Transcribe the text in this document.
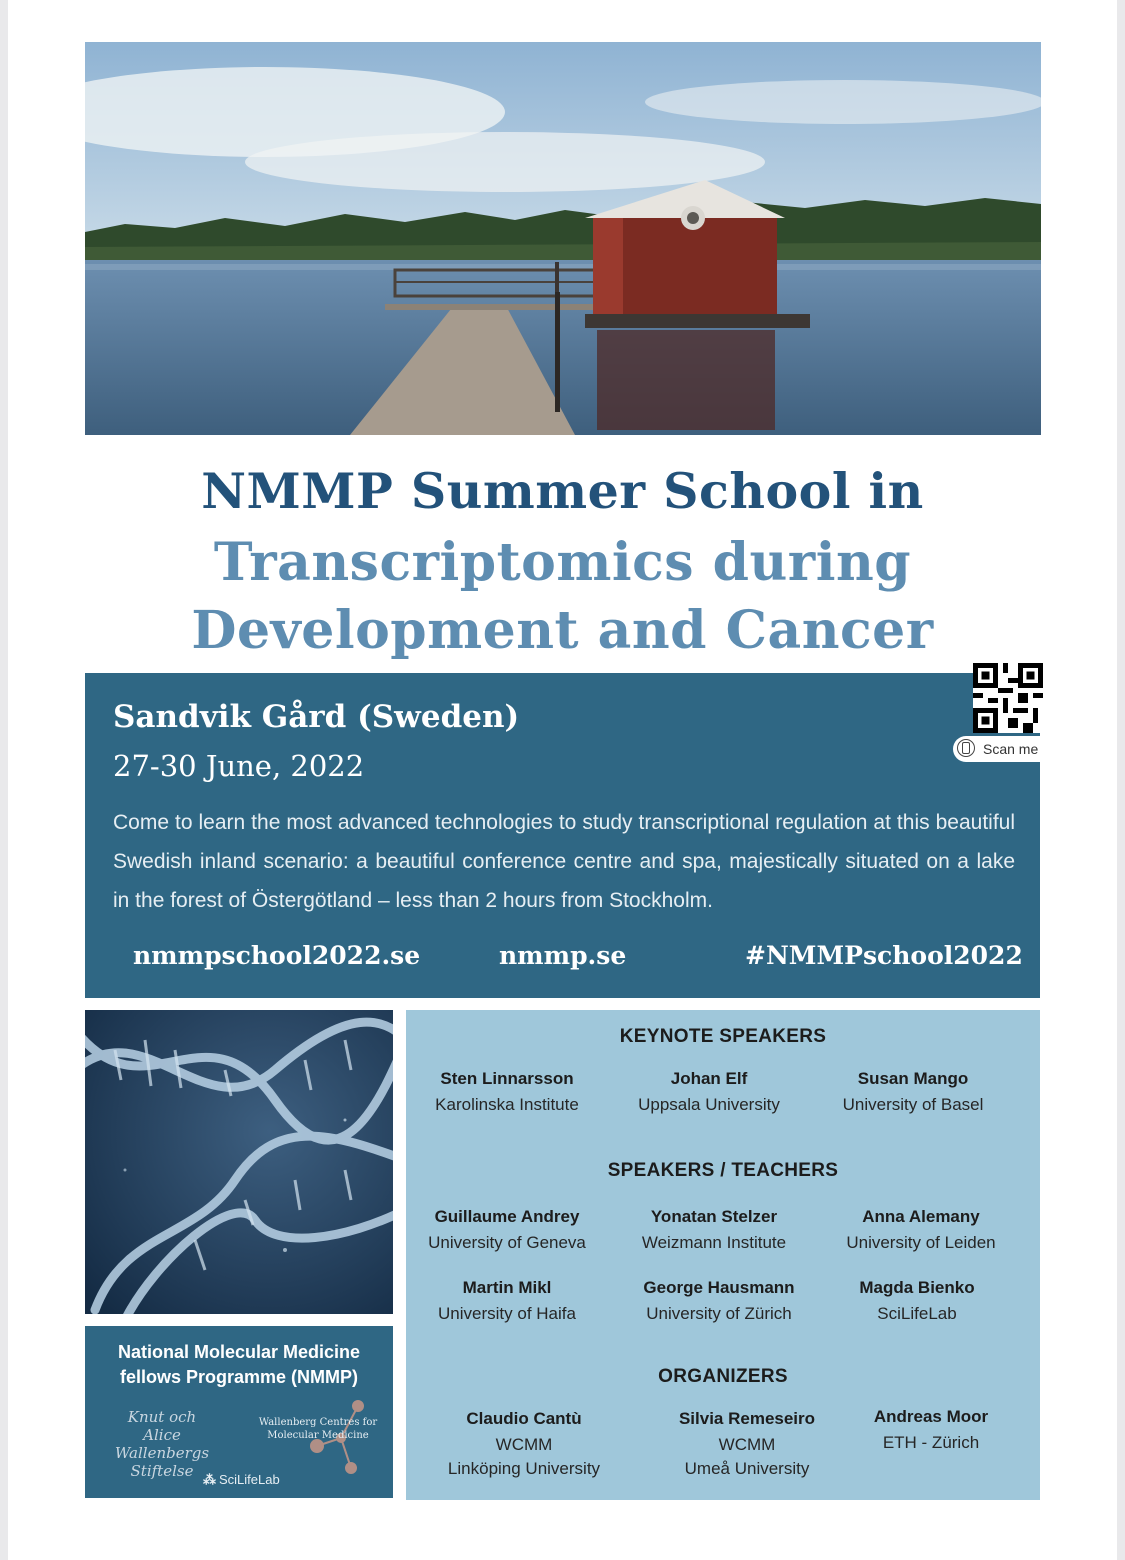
NMMP Summer School in
Transcriptomics during
Development and Cancer
Sandvik Gård (Sweden)
27-30 June, 2022
Come to learn the most advanced technologies to study transcriptional regulation at this beautiful Swedish inland scenario: a beautiful conference centre and spa, majestically situated on a lake in the forest of Östergötland – less than 2 hours from Stockholm.
nmmpschool2022.se	nmmp.se	#NMMPschool2022
Scan me
National Molecular Medicine
fellows Programme (NMMP)
Knut och Alice
Wallenbergs
Stiftelse
Wallenberg Centres for
Molecular Medicine
⁂ SciLifeLab
KEYNOTE SPEAKERS
Sten Linnarsson
Karolinska Institute
Johan Elf
Uppsala University
Susan Mango
University of Basel
SPEAKERS / TEACHERS
Guillaume Andrey
University of Geneva
Yonatan Stelzer
Weizmann Institute
Anna Alemany
University of Leiden
Martin Mikl
University of Haifa
George Hausmann
University of Zürich
Magda Bienko
SciLifeLab
ORGANIZERS
Claudio Cantù
WCMM
Linköping University
Silvia Remeseiro
WCMM
Umeå University
Andreas Moor
ETH - Zürich
